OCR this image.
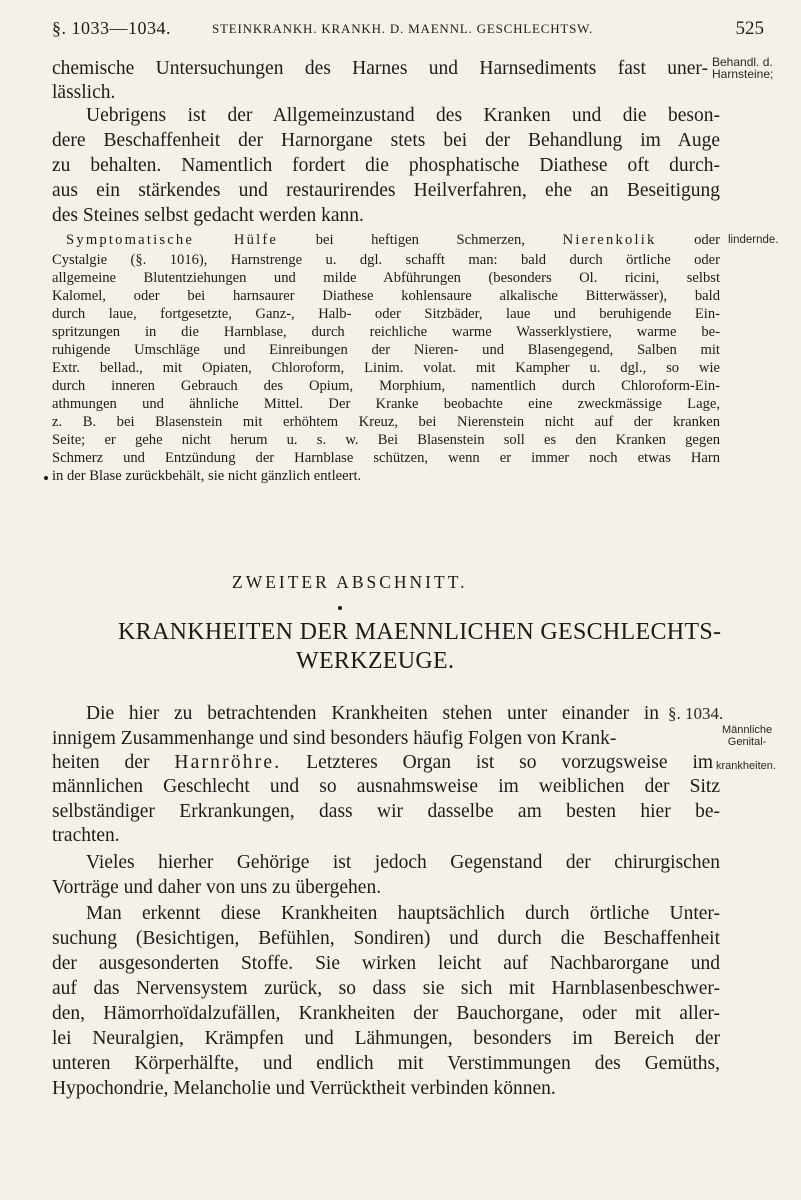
§. 1033—1034.	STEINKRANKH. KRANKH. D. MAENNL. GESCHLECHTSW.	525
chemische Untersuchungen des Harnes und Harnsediments fast uner-
lässlich.
Uebrigens ist der Allgemeinzustand des Kranken und die beson-
dere Beschaffenheit der Harnorgane stets bei der Behandlung im Auge
zu behalten. Namentlich fordert die phosphatische Diathese oft durch-
aus ein stärkendes und restaurirendes Heilverfahren, ehe an Beseitigung
des Steines selbst gedacht werden kann.
Symptomatische Hülfe	bei heftigen Schmerzen,	Nierenkolik	oder
Cystalgie (§. 1016), Harnstrenge u. dgl. schafft man: bald durch örtliche oder
allgemeine Blutentziehungen und milde Abführungen (besonders Ol. ricini, selbst
Kalomel, oder bei harnsaurer Diathese kohlensaure alkalische Bitterwässer), bald
durch laue, fortgesetzte, Ganz-, Halb- oder Sitzbäder, laue und beruhigende Ein-
spritzungen in die Harnblase, durch reichliche warme Wasserklystiere, warme be-
ruhigende Umschläge und Einreibungen der Nieren- und Blasengegend, Salben mit
Extr. bellad., mit Opiaten, Chloroform, Linim. volat. mit Kampher u. dgl., so wie
durch inneren Gebrauch des Opium, Morphium, namentlich durch Chloroform-Ein-
athmungen und ähnliche Mittel. Der Kranke beobachte eine zweckmässige Lage,
z. B. bei Blasenstein mit erhöhtem Kreuz, bei Nierenstein nicht auf der kranken
Seite; er gehe nicht herum u. s. w. Bei Blasenstein soll es den Kranken gegen
Schmerz und Entzündung der Harnblase schützen, wenn er immer noch etwas Harn
in der Blase zurückbehält, sie nicht gänzlich entleert.
ZWEITER ABSCHNITT.
KRANKHEITEN DER MAENNLICHEN GESCHLECHTS-
WERKZEUGE.
Die hier zu betrachtenden Krankheiten stehen unter einander in
innigem Zusammenhange und sind besonders häufig Folgen von Krank-
heiten der Harnröhre. Letzteres Organ ist so vorzugsweise im
männlichen Geschlecht und so ausnahmsweise im weiblichen der Sitz
selbständiger Erkrankungen, dass wir dasselbe am besten hier be-
trachten.
Vieles hierher Gehörige ist jedoch Gegenstand der chirurgischen
Vorträge und daher von uns zu übergehen.
Man erkennt diese Krankheiten hauptsächlich durch örtliche Unter-
suchung (Besichtigen, Befühlen, Sondiren) und durch die Beschaffenheit
der ausgesonderten Stoffe. Sie wirken leicht auf Nachbarorgane und
auf das Nervensystem zurück, so dass sie sich mit Harnblasenbeschwer-
den, Hämorrhoïdalzufällen, Krankheiten der Bauchorgane, oder mit aller-
lei Neuralgien, Krämpfen und Lähmungen, besonders im Bereich der
unteren Körperhälfte, und endlich mit Verstimmungen des Gemüths,
Hypochondrie, Melancholie und Verrücktheit verbinden können.
Behandl. d.
Harnsteine;
lindernde.
§. 1034.
Männliche
Genital-
krankheiten.
